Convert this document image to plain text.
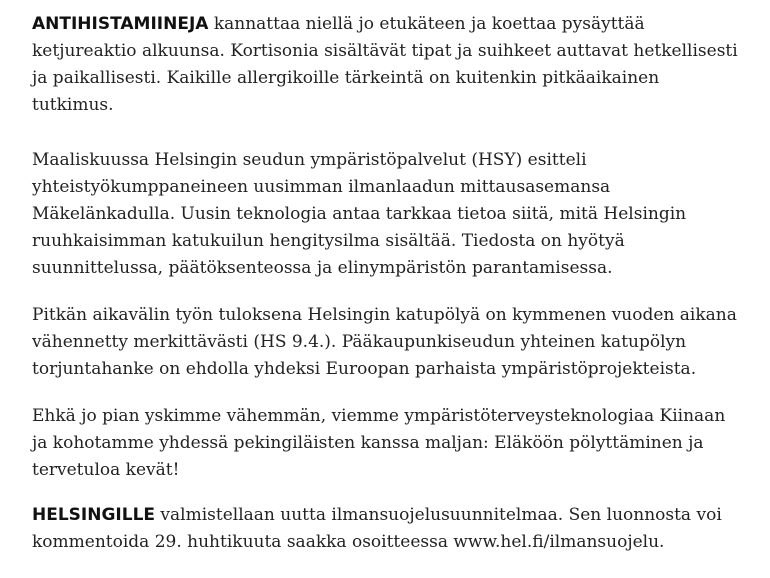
ANTIHISTAMIINEJA kannattaa niellä jo etukäteen ja koettaa pysäyttää ketjureaktio alkuunsa. Kortisonia sisältävät tipat ja suihkeet auttavat hetkellisesti ja paikallisesti. Kaikille allergikoille tärkeintä on kuitenkin pitkäaikainen tutkimus.

Maaliskuussa Helsingin seudun ympäristöpalvelut (HSY) esitteli yhteistyökumppaneineen uusimman ilmanlaadun mittausasemansa Mäkelänkadulla. Uusin teknologia antaa tarkkaa tietoa siitä, mitä Helsingin ruuhkaisimman katukuilun hengitysilma sisältää. Tiedosta on hyötyä suunnittelussa, päätöksenteossa ja elinympäristön parantamisessa.

Pitkän aikavälin työn tuloksena Helsingin katupölyä on kymmenen vuoden aikana vähennetty merkittävästi (HS 9.4.). Pääkaupunkiseudun yhteinen katupölyn torjuntahanke on ehdolla yhdeksi Euroopan parhaista ympäristöprojekteista.

Ehkä jo pian yskimme vähemmän, viemme ympäristöterveysteknologiaa Kiinaan ja kohotamme yhdessä pekingiläisten kanssa maljan: Eläköön pölyttäminen ja tervetuloa kevät!

HELSINGILLE valmistellaan uutta ilmansuojelusuunnitelmaa. Sen luonnosta voi kommentoida 29. huhtikuuta saakka osoitteessa www.hel.fi/ilmansuojelu.
